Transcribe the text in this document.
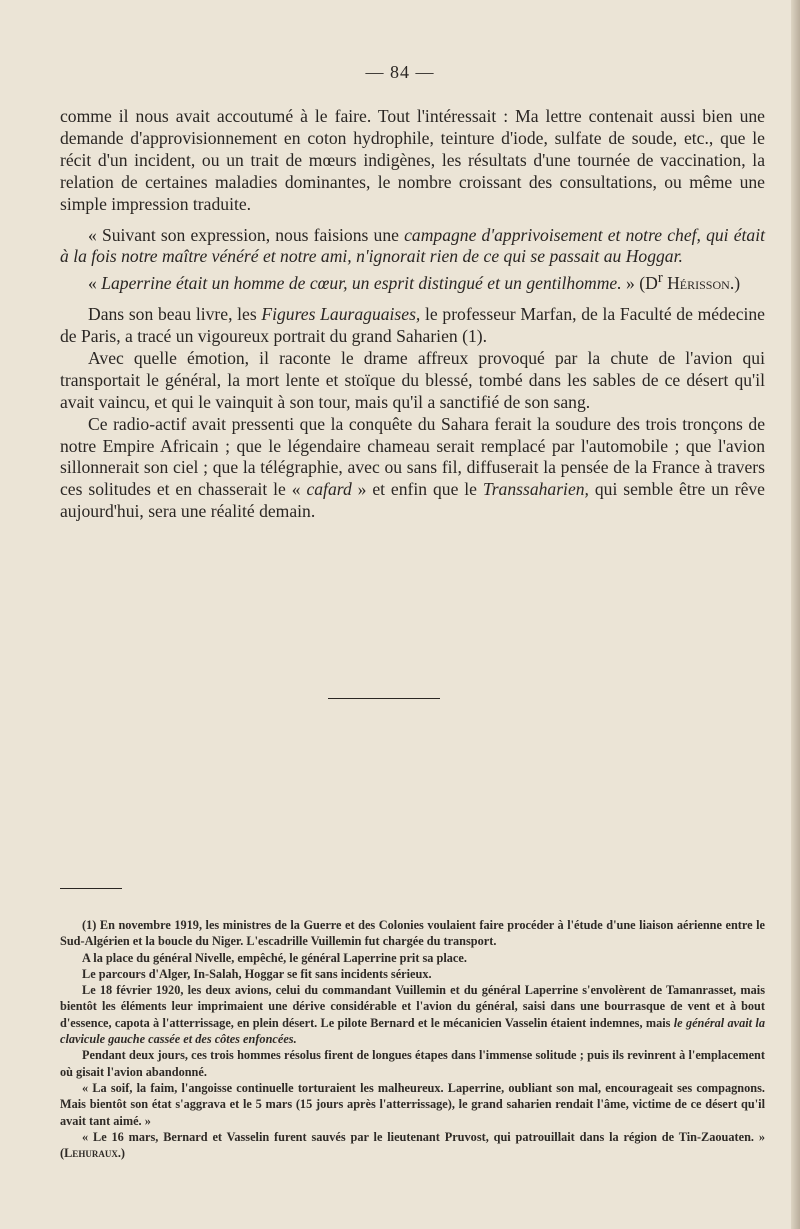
— 84 —

comme il nous avait accoutumé à le faire. Tout l'intéressait : Ma lettre contenait aussi bien une demande d'approvisionnement en coton hydrophile, teinture d'iode, sulfate de soude, etc., que le récit d'un incident, ou un trait de mœurs indigènes, les résultats d'une tournée de vaccination, la relation de certaines maladies dominantes, le nombre croissant des consultations, ou même une simple impression traduite.

« Suivant son expression, nous faisions une campagne d'apprivoisement et notre chef, qui était à la fois notre maître vénéré et notre ami, n'ignorait rien de ce qui se passait au Hoggar.

« Laperrine était un homme de cœur, un esprit distingué et un gentilhomme. » ($D^r$ Hérisson.)

Dans son beau livre, les Figures Lauraguaises, le professeur Marfan, de la Faculté de médecine de Paris, a tracé un vigoureux portrait du grand Saharien (1).

Avec quelle émotion, il raconte le drame affreux provoqué par la chute de l'avion qui transportait le général, la mort lente et stoïque du blessé, tombé dans les sables de ce désert qu'il avait vaincu, et qui le vainquit à son tour, mais qu'il a sanctifié de son sang.

Ce radio-actif avait pressenti que la conquête du Sahara ferait la soudure des trois tronçons de notre Empire Africain ; que le légendaire chameau serait remplacé par l'automobile ; que l'avion sillonnerait son ciel ; que la télégraphie, avec ou sans fil, diffuserait la pensée de la France à travers ces solitudes et en chasserait le « cafard » et enfin que le Transsaharien, qui semble être un rêve aujourd'hui, sera une réalité demain.

(1) En novembre 1919, les ministres de la Guerre et des Colonies voulaient faire procéder à l'étude d'une liaison aérienne entre le Sud-Algérien et la boucle du Niger. L'escadrille Vuillemin fut chargée du transport.

A la place du général Nivelle, empêché, le général Laperrine prit sa place.

Le parcours d'Alger, In-Salah, Hoggar se fit sans incidents sérieux.

Le 18 février 1920, les deux avions, celui du commandant Vuillemin et du général Laperrine s'envolèrent de Tamanrasset, mais bientôt les éléments leur imprimaient une dérive considérable et l'avion du général, saisi dans une bourrasque de vent et à bout d'essence, capota à l'atterrissage, en plein désert. Le pilote Bernard et le mécanicien Vasselin étaient indemnes, mais le général avait la clavicule gauche cassée et des côtes enfoncées.

Pendant deux jours, ces trois hommes résolus firent de longues étapes dans l'immense solitude ; puis ils revinrent à l'emplacement où gisait l'avion abandonné.

« La soif, la faim, l'angoisse continuelle torturaient les malheureux. Laperrine, oubliant son mal, encourageait ses compagnons. Mais bientôt son état s'aggrava et le 5 mars (15 jours après l'atterrissage), le grand saharien rendait l'âme, victime de ce désert qu'il avait tant aimé. »

« Le 16 mars, Bernard et Vasselin furent sauvés par le lieutenant Pruvost, qui patrouillait dans la région de Tin-Zaouaten. » (Lehuraux.)
